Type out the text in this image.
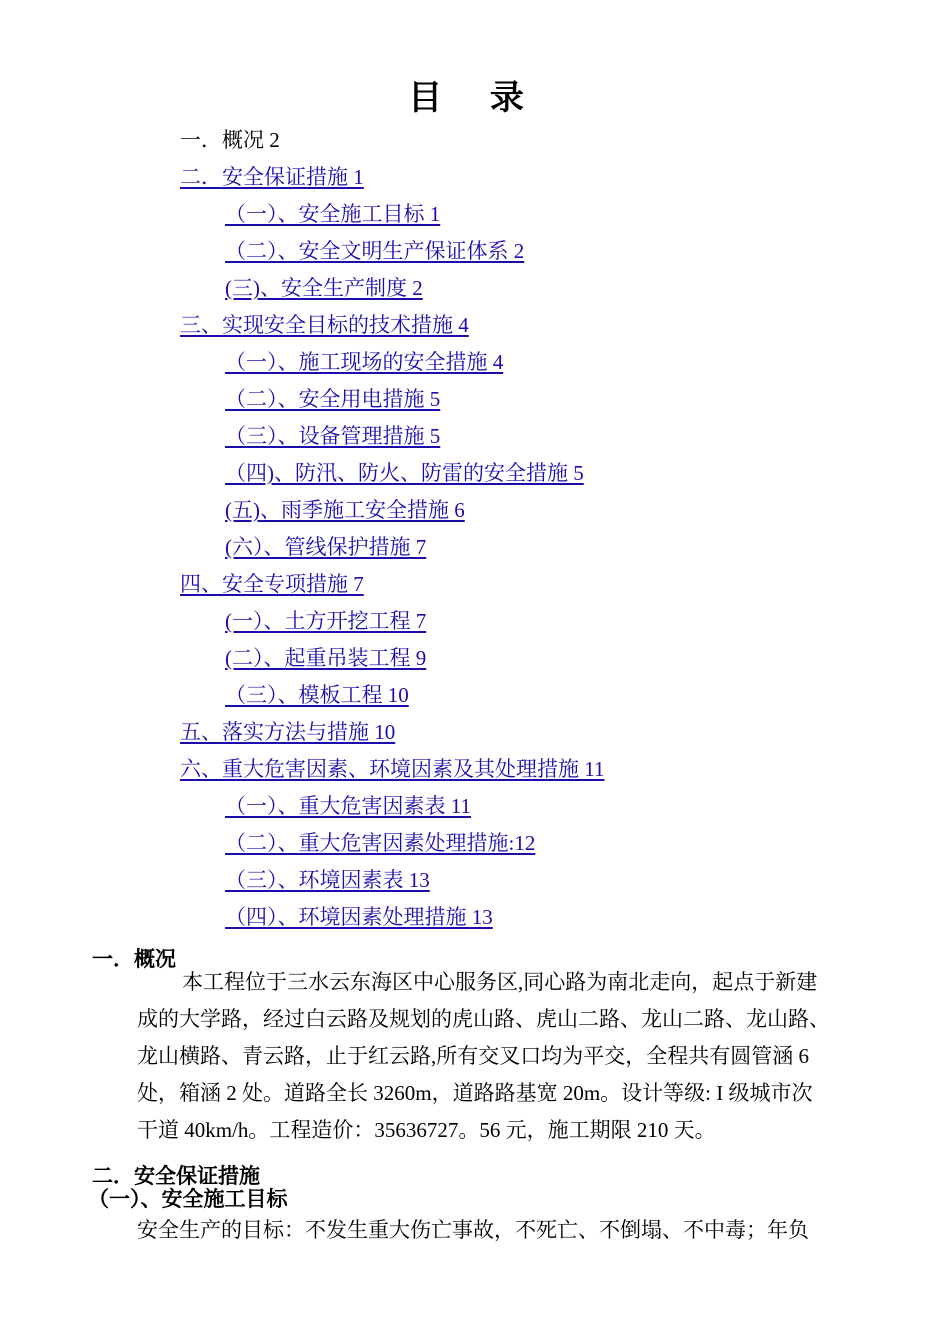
目 录
一．概况 2
二．安全保证措施 1
（一）、安全施工目标 1
（二）、安全文明生产保证体系 2
(三)、安全生产制度 2
三、实现安全目标的技术措施 4
（一）、施工现场的安全措施 4
（二）、安全用电措施 5
（三）、设备管理措施 5
（四)、防汛、防火、防雷的安全措施 5
(五)、雨季施工安全措施 6
(六）、管线保护措施 7
四、安全专项措施 7
(一）、土方开挖工程 7
(二）、起重吊装工程 9
（三）、模板工程 10
五、落实方法与措施 10
六、重大危害因素、环境因素及其处理措施 11
（一）、重大危害因素表 11
（二）、重大危害因素处理措施:12
（三）、环境因素表 13
（四）、环境因素处理措施 13
一．概况
本工程位于三水云东海区中心服务区,同心路为南北走向，起点于新建
成的大学路，经过白云路及规划的虎山路、虎山二路、龙山二路、龙山路、
龙山横路、青云路，止于红云路,所有交叉口均为平交，全程共有圆管涵 6
处，箱涵 2 处。道路全长 3260m，道路路基宽 20m。设计等级: I 级城市次
干道 40km/h。工程造价：35636727。56 元，施工期限 210 天。
二．安全保证措施
（一）、安全施工目标
安全生产的目标：不发生重大伤亡事故，不死亡、不倒塌、不中毒；年负
